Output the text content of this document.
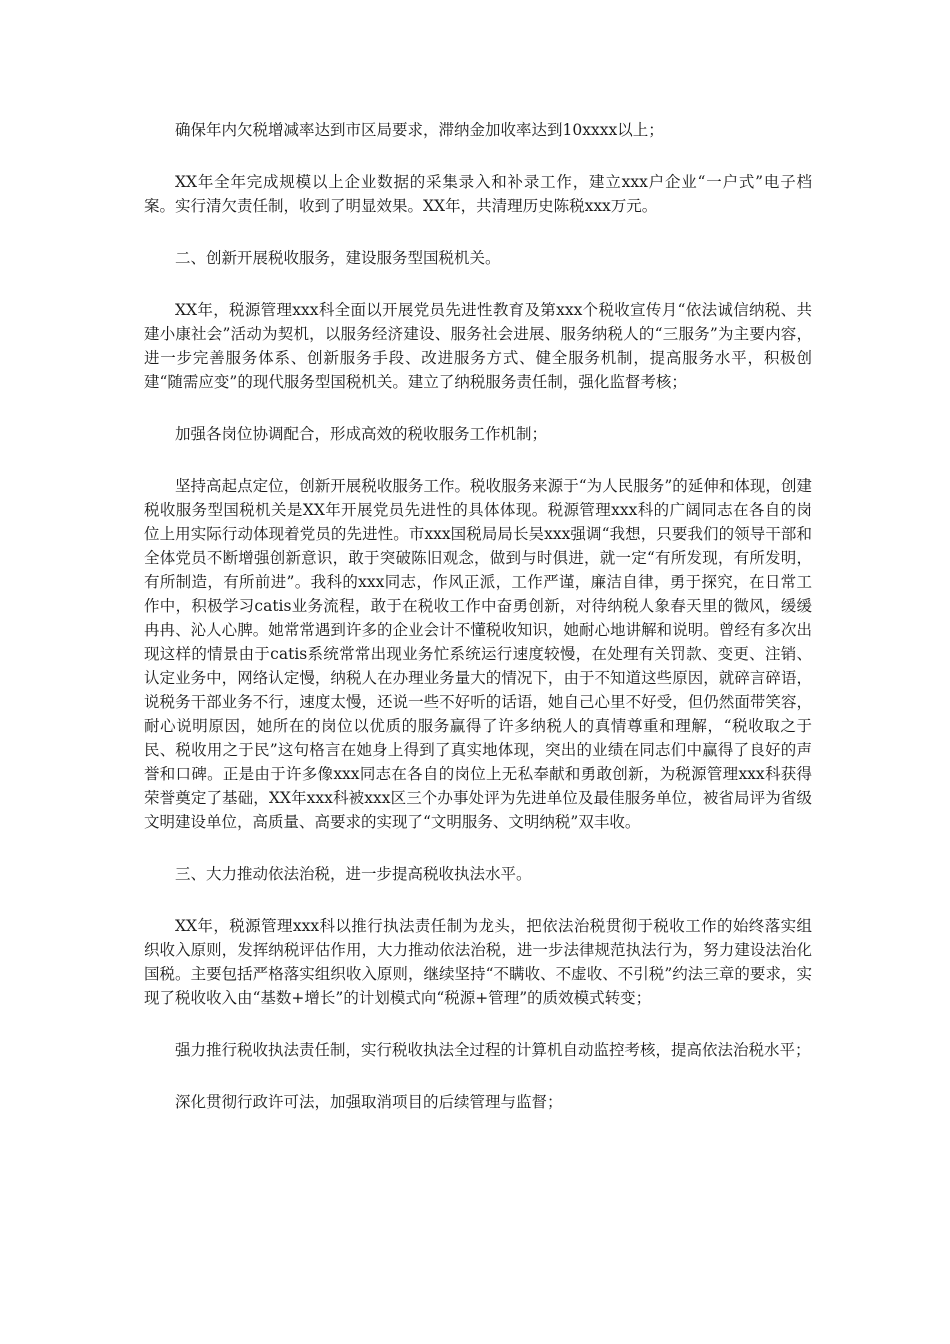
确保年内欠税增减率达到市区局要求，滞纳金加收率达到10xxxx以上；

XX年全年完成规模以上企业数据的采集录入和补录工作，建立xxx户企业“一户式”电子档案。实行清欠责任制，收到了明显效果。XX年，共清理历史陈税xxx万元。

二、创新开展税收服务，建设服务型国税机关。

XX年，税源管理xxx科全面以开展党员先进性教育及第xxx个税收宣传月“依法诚信纳税、共建小康社会”活动为契机，以服务经济建设、服务社会进展、服务纳税人的“三服务”为主要内容，进一步完善服务体系、创新服务手段、改进服务方式、健全服务机制，提高服务水平，积极创建“随需应变”的现代服务型国税机关。建立了纳税服务责任制，强化监督考核；

加强各岗位协调配合，形成高效的税收服务工作机制；

坚持高起点定位，创新开展税收服务工作。税收服务来源于“为人民服务”的延伸和体现，创建税收服务型国税机关是XX年开展党员先进性的具体体现。税源管理xxx科的广阔同志在各自的岗位上用实际行动体现着党员的先进性。市xxx国税局局长吴xxx强调“我想，只要我们的领导干部和全体党员不断增强创新意识，敢于突破陈旧观念，做到与时俱进，就一定“有所发现，有所发明，有所制造，有所前进”。我科的xxx同志，作风正派，工作严谨，廉洁自律，勇于探究，在日常工作中，积极学习catis业务流程，敢于在税收工作中奋勇创新，对待纳税人象春天里的微风，缓缓冉冉、沁人心脾。她常常遇到许多的企业会计不懂税收知识，她耐心地讲解和说明。曾经有多次出现这样的情景由于catis系统常常出现业务忙系统运行速度较慢，在处理有关罚款、变更、注销、认定业务中，网络认定慢，纳税人在办理业务量大的情况下，由于不知道这些原因，就碎言碎语，说税务干部业务不行，速度太慢，还说一些不好听的话语，她自己心里不好受，但仍然面带笑容，耐心说明原因，她所在的岗位以优质的服务赢得了许多纳税人的真情尊重和理解，“税收取之于民、税收用之于民”这句格言在她身上得到了真实地体现，突出的业绩在同志们中赢得了良好的声誉和口碑。正是由于许多像xxx同志在各自的岗位上无私奉献和勇敢创新，为税源管理xxx科获得荣誉奠定了基础，XX年xxx科被xxx区三个办事处评为先进单位及最佳服务单位，被省局评为省级文明建设单位，高质量、高要求的实现了“文明服务、文明纳税”双丰收。

三、大力推动依法治税，进一步提高税收执法水平。

XX年，税源管理xxx科以推行执法责任制为龙头，把依法治税贯彻于税收工作的始终落实组织收入原则，发挥纳税评估作用，大力推动依法治税，进一步法律规范执法行为，努力建设法治化国税。主要包括严格落实组织收入原则，继续坚持“不瞒收、不虚收、不引税”约法三章的要求，实现了税收收入由“基数+增长”的计划模式向“税源+管理”的质效模式转变；

强力推行税收执法责任制，实行税收执法全过程的计算机自动监控考核，提高依法治税水平；

深化贯彻行政许可法，加强取消项目的后续管理与监督；
